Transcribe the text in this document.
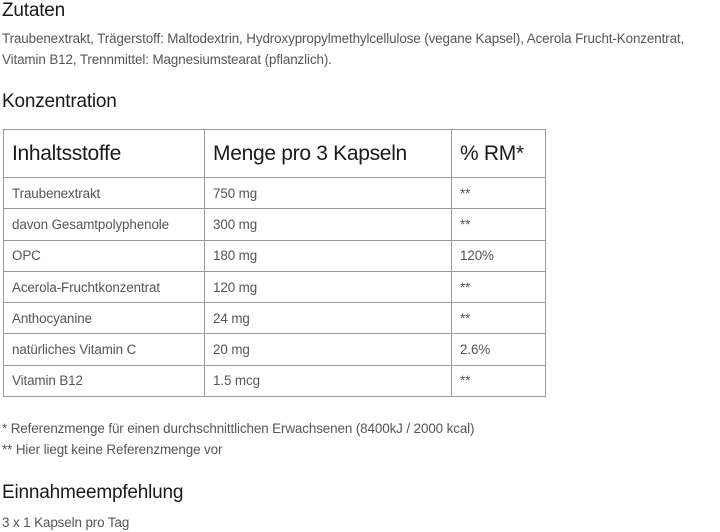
Zutaten

Traubenextrakt, Trägerstoff: Maltodextrin, Hydroxypropylmethylcellulose (vegane Kapsel), Acerola Frucht-Konzentrat, Vitamin B12, Trennmittel: Magnesiumstearat (pflanzlich).

Konzentration
Inhaltsstoffe	Menge pro 3 Kapseln	% RM*
Traubenextrakt	750 mg	**
davon Gesamtpolyphenole	300 mg	**
OPC	180 mg	120%
Acerola-Fruchtkonzentrat	120 mg	**
Anthocyanine	24 mg	**
natürliches Vitamin C	20 mg	2.6%
Vitamin B12	1.5 mcg	**
* Referenzmenge für einen durchschnittlichen Erwachsenen (8400kJ / 2000 kcal)
** Hier liegt keine Referenzmenge vor
Einnahmeempfehlung

3 x 1 Kapseln pro Tag
